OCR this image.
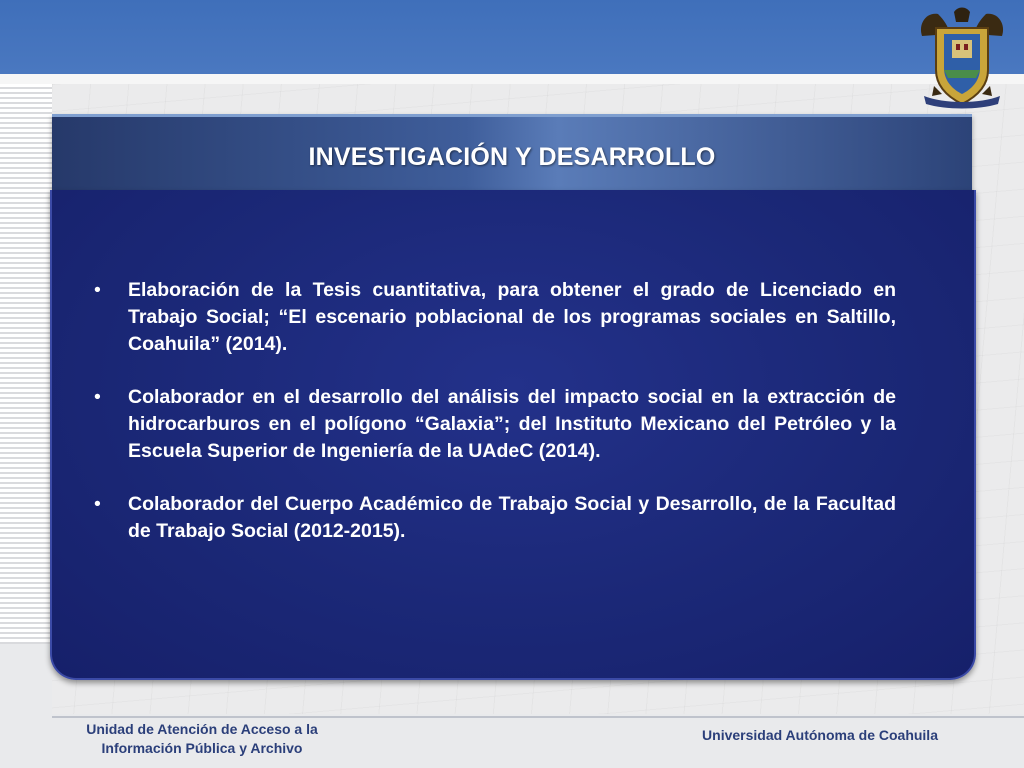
INVESTIGACIÓN Y DESARROLLO
• Elaboración de la Tesis cuantitativa, para obtener el grado de Licenciado en Trabajo Social; “El escenario poblacional de los programas sociales en Saltillo, Coahuila” (2014).
• Colaborador en el desarrollo del análisis del impacto social en la extracción de hidrocarburos en el polígono “Galaxia”; del Instituto Mexicano del Petróleo y la Escuela Superior de Ingeniería de la UAdeC (2014).
• Colaborador del Cuerpo Académico de Trabajo Social y Desarrollo, de la Facultad de Trabajo Social (2012-2015).
Unidad de Atención de Acceso a la
Información Pública y Archivo
Universidad Autónoma de Coahuila
